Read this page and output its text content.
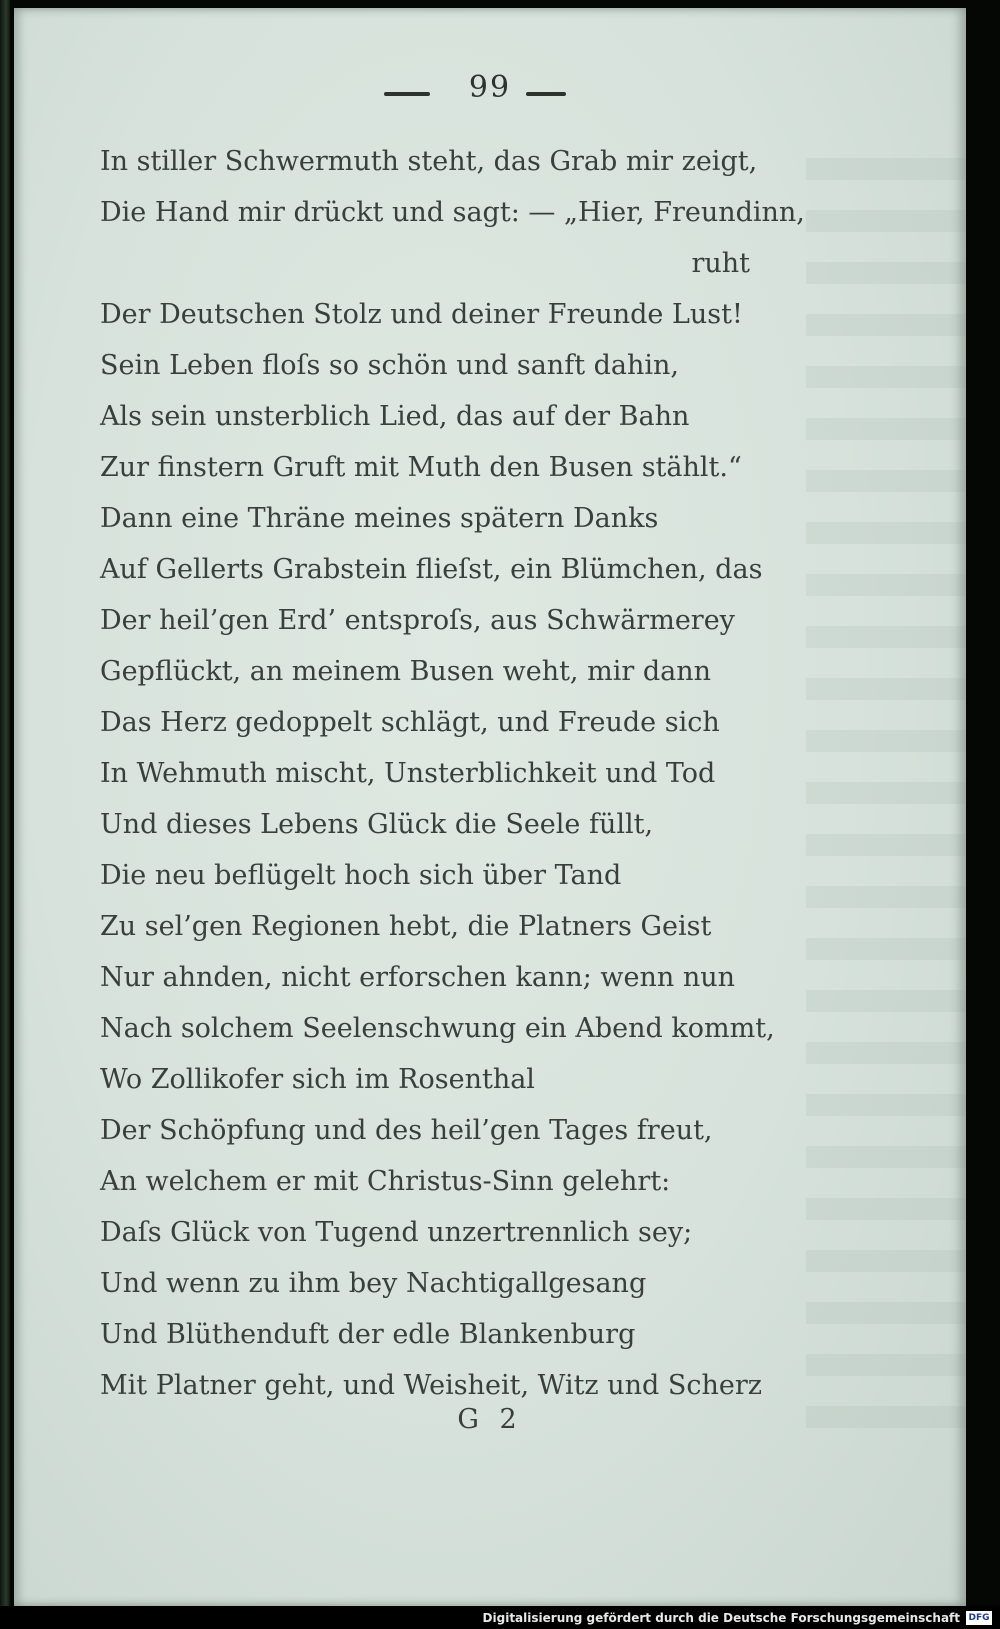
99
In stiller Schwermuth steht, das Grab mir zeigt,
Die Hand mir drückt und sagt: — „Hier, Freundinn,
ruht
Der Deutschen Stolz und deiner Freunde Lust!
Sein Leben floſs so schön und sanft dahin,
Als sein unsterblich Lied, das auf der Bahn
Zur finstern Gruft mit Muth den Busen stählt.“
Dann eine Thräne meines spätern Danks
Auf Gellerts Grabstein flieſst, ein Blümchen, das
Der heil’gen Erd’ entsproſs, aus Schwärmerey
Gepflückt, an meinem Busen weht, mir dann
Das Herz gedoppelt schlägt, und Freude sich
In Wehmuth mischt, Unsterblichkeit und Tod
Und dieses Lebens Glück die Seele füllt,
Die neu beflügelt hoch sich über Tand
Zu sel’gen Regionen hebt, die Platners Geist
Nur ahnden, nicht erforschen kann; wenn nun
Nach solchem Seelenschwung ein Abend kommt,
Wo Zollikofer sich im Rosenthal
Der Schöpfung und des heil’gen Tages freut,
An welchem er mit Christus-Sinn gelehrt:
Daſs Glück von Tugend unzertrennlich sey;
Und wenn zu ihm bey Nachtigallgesang
Und Blüthenduft der edle Blankenburg
Mit Platner geht, und Weisheit, Witz und Scherz
G 2
Digitalisierung gefördert durch die Deutsche Forschungsgemeinschaft DFG
